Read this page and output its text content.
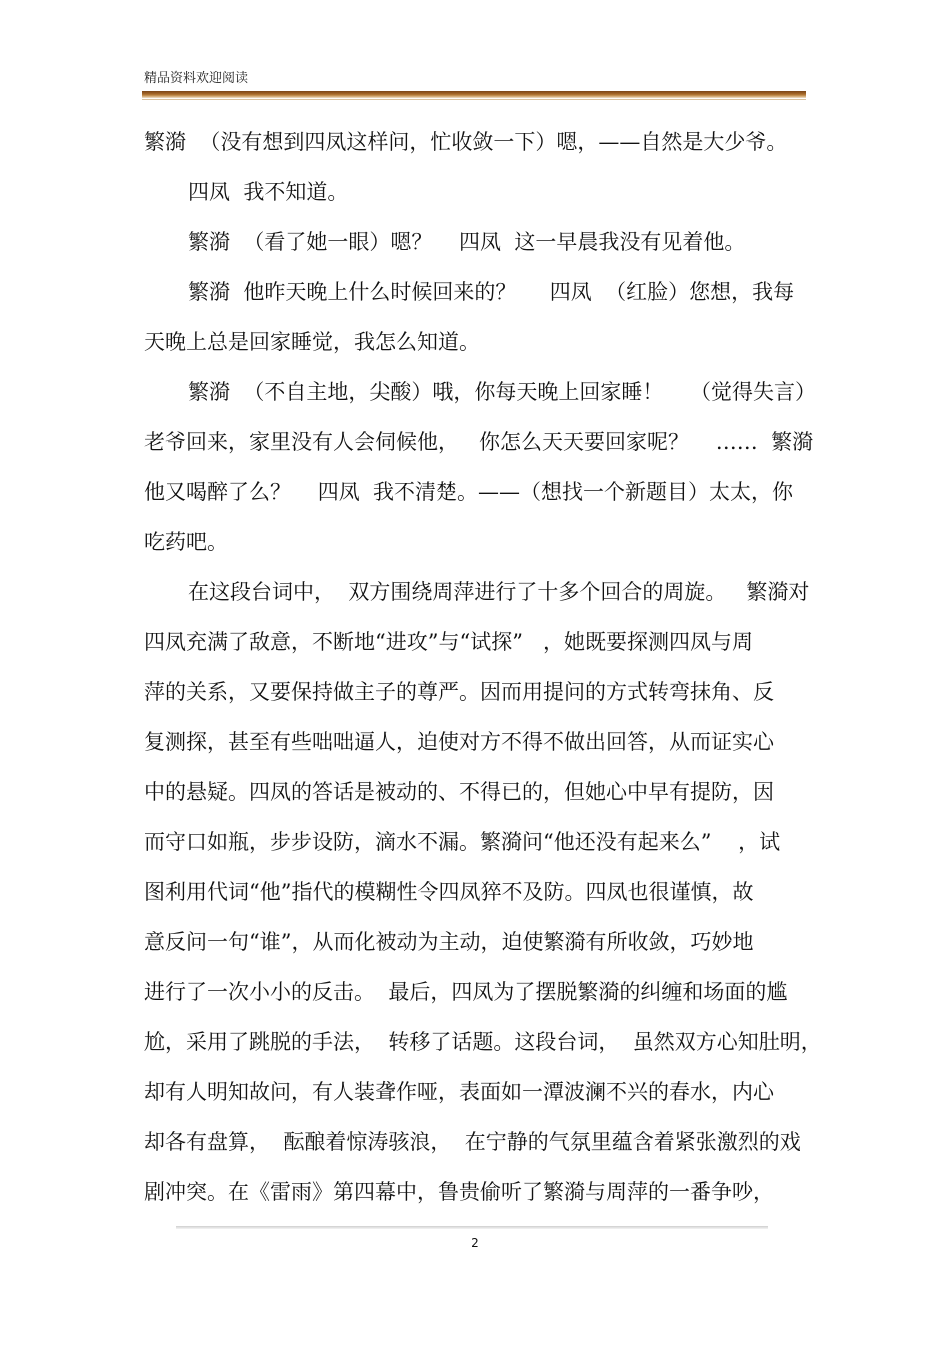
精品资料欢迎阅读
繁漪  （没有想到四凤这样问，忙收敛一下）嗯，——自然是大少爷。
四凤  我不知道。
繁漪  （看了她一眼）嗯？    四凤  这一早晨我没有见着他。
繁漪  他昨天晚上什么时候回来的？     四凤  （红脸）您想，我每
天晚上总是回家睡觉，我怎么知道。
繁漪  （不自主地，尖酸）哦，你每天晚上回家睡！    （觉得失言）
老爷回来，家里没有人会伺候他，   你怎么天天要回家呢？    ……  繁漪
他又喝醉了么？    四凤  我不清楚。——（想找一个新题目）太太，你
吃药吧。
在这段台词中，  双方围绕周萍进行了十多个回合的周旋。   繁漪对
四凤充满了敌意，不断地“进攻”与“试探”   ，她既要探测四凤与周
萍的关系，又要保持做主子的尊严。因而用提问的方式转弯抹角、反
复测探，甚至有些咄咄逼人，迫使对方不得不做出回答，从而证实心
中的悬疑。四凤的答话是被动的、不得已的，但她心中早有提防，因
而守口如瓶，步步设防，滴水不漏。繁漪问“他还没有起来么”    ，试
图利用代词“他”指代的模糊性令四凤猝不及防。四凤也很谨慎，故
意反问一句“谁”，从而化被动为主动，迫使繁漪有所收敛，巧妙地
进行了一次小小的反击。  最后，四凤为了摆脱繁漪的纠缠和场面的尴
尬，采用了跳脱的手法，  转移了话题。这段台词，  虽然双方心知肚明，
却有人明知故问，有人装聋作哑，表面如一潭波澜不兴的春水，内心
却各有盘算，  酝酿着惊涛骇浪，  在宁静的气氛里蕴含着紧张激烈的戏
剧冲突。在《雷雨》第四幕中，鲁贵偷听了繁漪与周萍的一番争吵，
2
